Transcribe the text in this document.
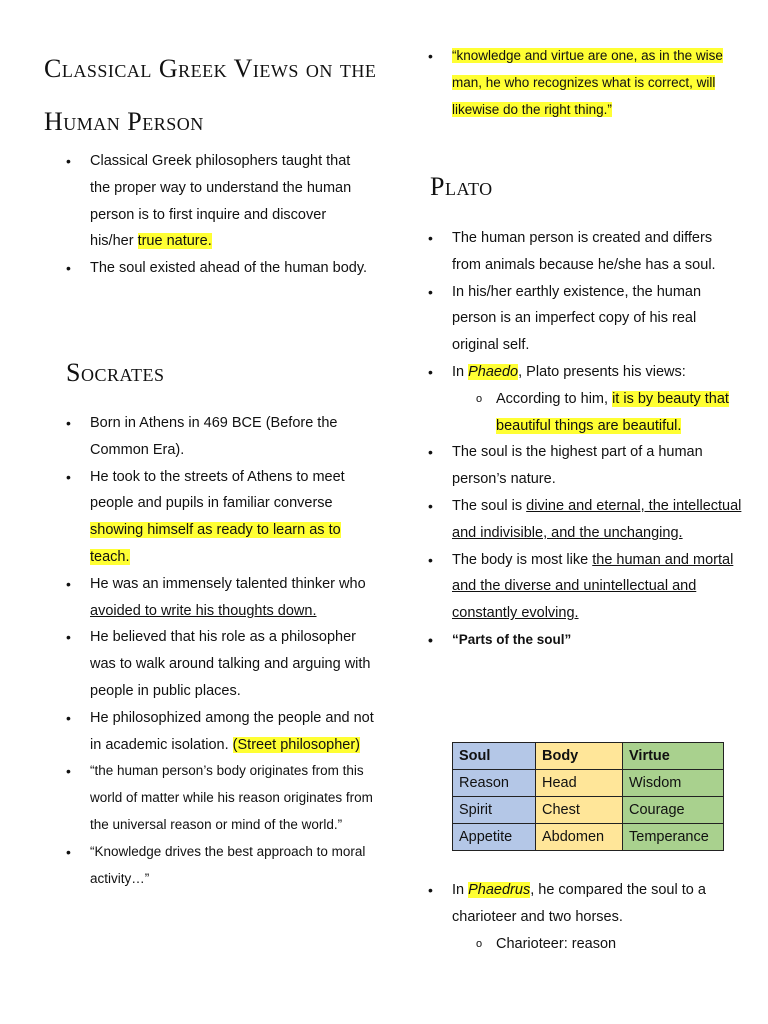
Classical Greek Views on the Human Person
• Classical Greek philosophers taught that the proper way to understand the human person is to first inquire and discover his/her true nature.
• The soul existed ahead of the human body.
Socrates
• Born in Athens in 469 BCE (Before the Common Era).
• He took to the streets of Athens to meet people and pupils in familiar converse showing himself as ready to learn as to teach.
• He was an immensely talented thinker who avoided to write his thoughts down.
• He believed that his role as a philosopher was to walk around talking and arguing with people in public places.
• He philosophized among the people and not in academic isolation. (Street philosopher)
• “the human person’s body originates from this world of matter while his reason originates from the universal reason or mind of the world.”
• “Knowledge drives the best approach to moral activity…”
• “knowledge and virtue are one, as in the wise man, he who recognizes what is correct, will likewise do the right thing.”
Plato
• The human person is created and differs from animals because he/she has a soul.
• In his/her earthly existence, the human person is an imperfect copy of his real original self.
• In Phaedo, Plato presents his views:
o According to him, it is by beauty that beautiful things are beautiful.
• The soul is the highest part of a human person’s nature.
• The soul is divine and eternal, the intellectual and indivisible, and the unchanging.
• The body is most like the human and mortal and the diverse and unintellectual and constantly evolving.
• “Parts of the soul”
Soul	Body	Virtue
Reason	Head	Wisdom
Spirit	Chest	Courage
Appetite	Abdomen	Temperance
• In Phaedrus, he compared the soul to a charioteer and two horses.
o Charioteer: reason
